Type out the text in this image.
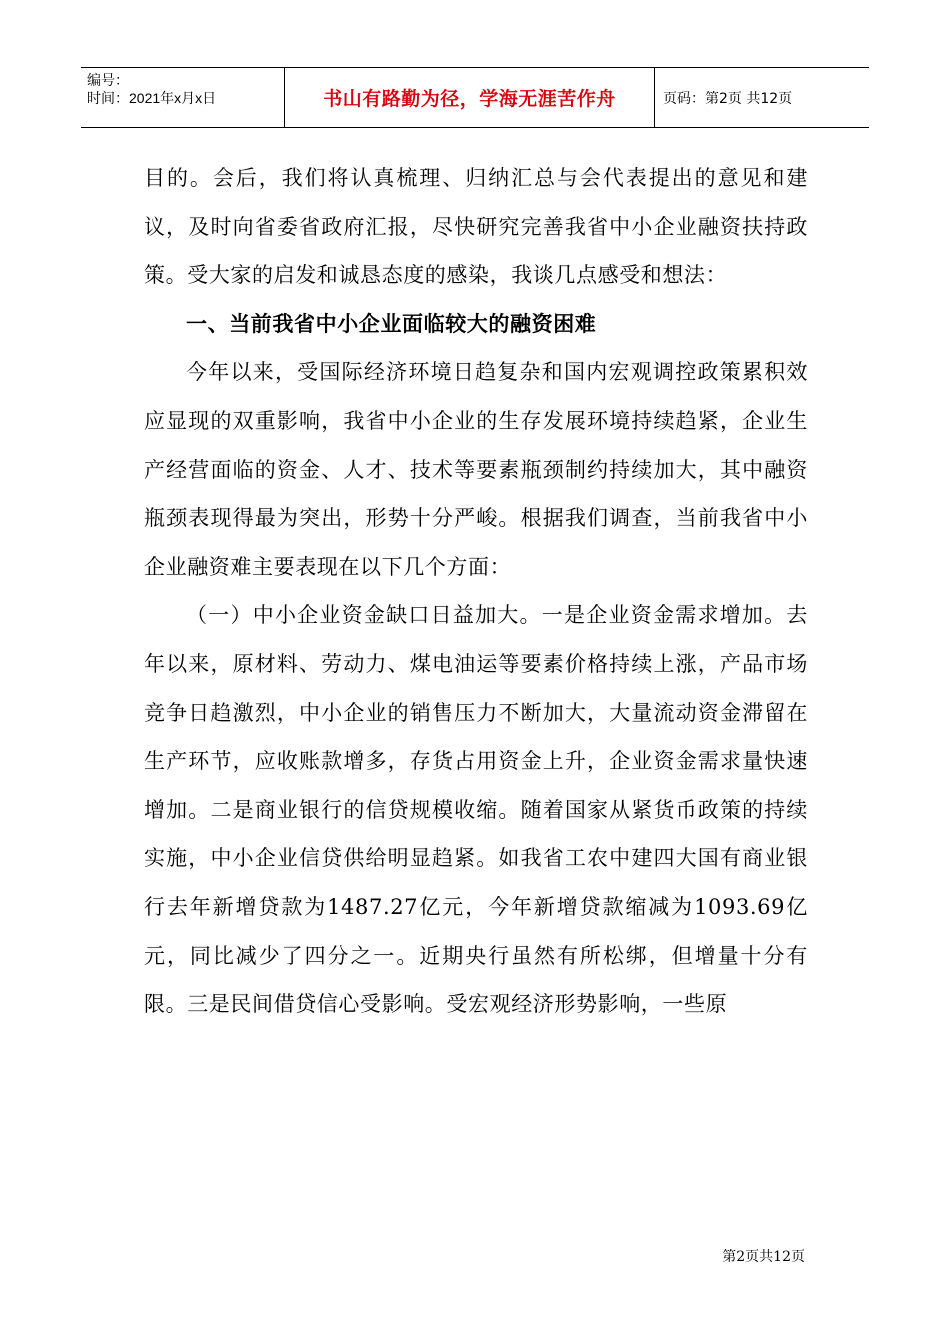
编号：
时间：2021年x月x日	书山有路勤为径，学海无涯苦作舟	页码：第2页 共12页

目的。会后，我们将认真梳理、归纳汇总与会代表提出的意见和建议，及时向省委省政府汇报，尽快研究完善我省中小企业融资扶持政策。受大家的启发和诚恳态度的感染，我谈几点感受和想法：

一、当前我省中小企业面临较大的融资困难

今年以来，受国际经济环境日趋复杂和国内宏观调控政策累积效应显现的双重影响，我省中小企业的生存发展环境持续趋紧，企业生产经营面临的资金、人才、技术等要素瓶颈制约持续加大，其中融资瓶颈表现得最为突出，形势十分严峻。根据我们调查，当前我省中小企业融资难主要表现在以下几个方面：

（一）中小企业资金缺口日益加大。一是企业资金需求增加。去年以来，原材料、劳动力、煤电油运等要素价格持续上涨，产品市场竞争日趋激烈，中小企业的销售压力不断加大，大量流动资金滞留在生产环节，应收账款增多，存货占用资金上升，企业资金需求量快速增加。二是商业银行的信贷规模收缩。随着国家从紧货币政策的持续实施，中小企业信贷供给明显趋紧。如我省工农中建四大国有商业银行去年新增贷款为1487.27亿元，今年新增贷款缩减为1093.69亿元，同比减少了四分之一。近期央行虽然有所松绑，但增量十分有限。三是民间借贷信心受影响。受宏观经济形势影响，一些原

第2页共12页
